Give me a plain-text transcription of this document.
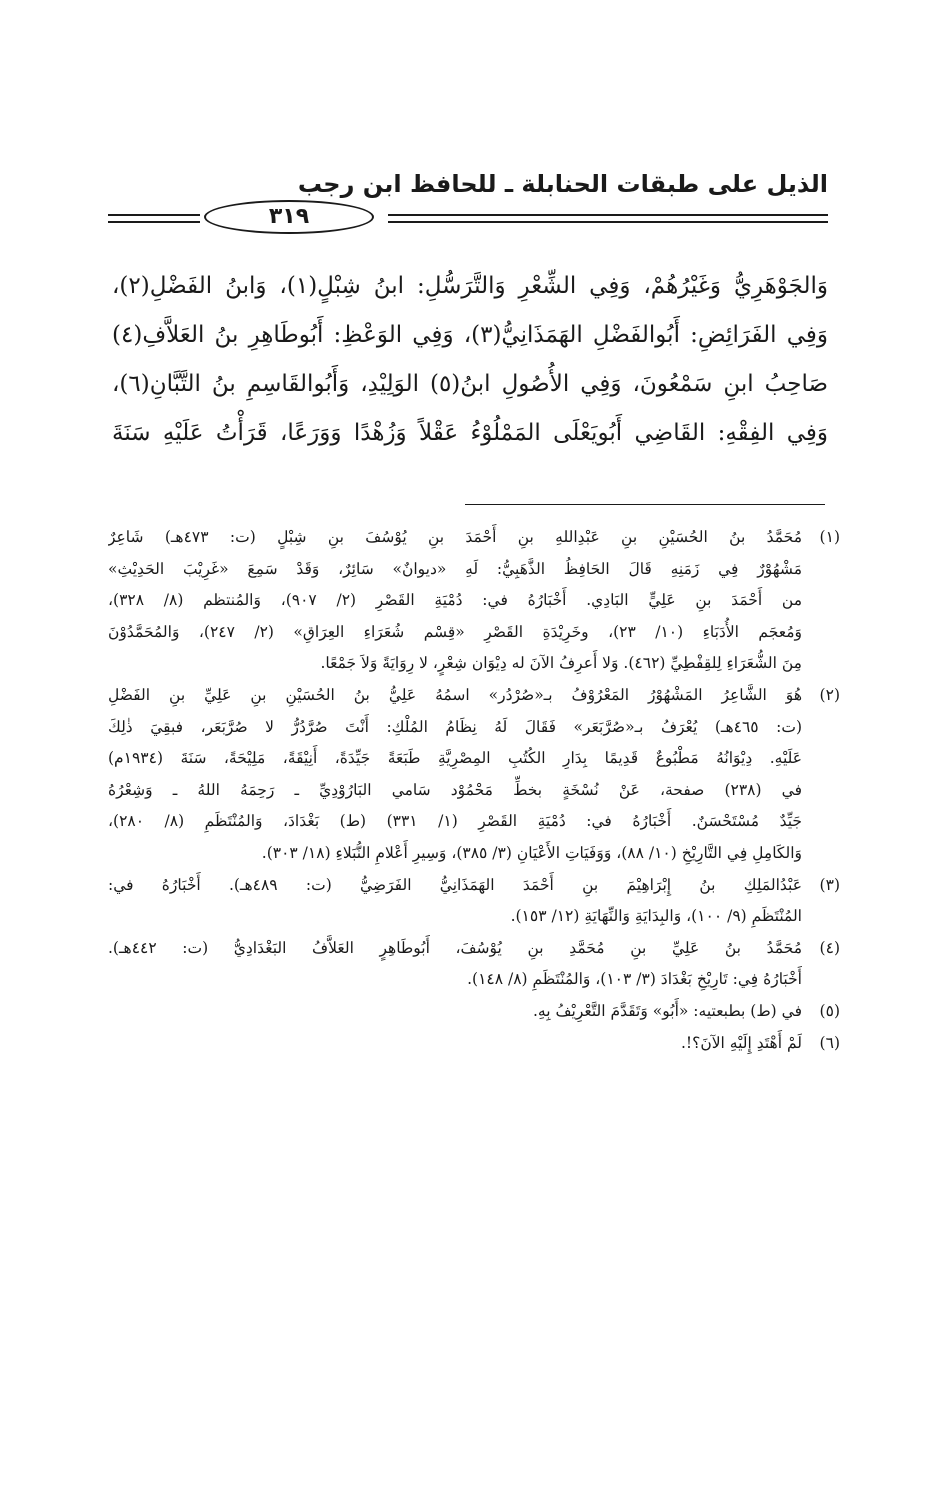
الذيل على طبقات الحنابلة ـ للحافظ ابن رجب
٣١٩
وَالجَوْهَرِيُّ وَغَيْرُهُمْ، وَفِي الشِّعْرِ وَالتَّرَسُّلِ: ابنُ شِبْلٍ(١)، وَابنُ الفَضْلِ(٢)،
وَفِي الفَرَائِضِ: أَبُوالفَضْلِ الهَمَذَانِيُّ(٣)، وَفِي الوَعْظِ: أَبُوطَاهِرِ بنُ العَلاَّفِ(٤)
صَاحِبُ ابنِ سَمْعُونَ، وَفِي الأُصُولِ ابنُ(٥) الوَلِيْدِ، وَأَبُوالقَاسِمِ بنُ التَّبَّانِ(٦)،
وَفِي الفِقْهِ: القَاضِي أَبُويَعْلَى المَمْلُوْءُ عَقْلاً وَزُهْدًا وَوَرَعًا، قَرَأْتُ عَلَيْهِ سَنَةَ
(١)
مُحَمَّدُ بنُ الحُسَيْنِ بنِ عَبْدِاللهِ بنِ أَحْمَدَ بنِ يُوْسُفَ بنِ شِبْلٍ (ت: ٤٧٣هـ) شَاعِرٌ
مَشْهُوْرٌ فِي زَمَنِهِ قَالَ الحَافِظُ الذَّهَبِيُّ: لَهِ «ديوانٌ» سَائِرٌ، وَقَدْ سَمِعَ «غَرِيْبَ الحَدِيْثِ»
من أَحْمَدَ بنِ عَلِيٍّ البَادِي. أَخْبَارُهُ في: دُمْيَةِ القَصْرِ (٢/ ٩٠٧)، وَالمُنتظم (٨/ ٣٢٨)،
وَمُعجَم الأُدَبَاءِ (١٠/ ٢٣)، وخَرِيْدَةِ القَصْرِ «قِسْم شُعَرَاءِ العِرَاقِ» (٢/ ٢٤٧)، وَالمُحَمَّدُوْنَ
مِنَ الشُّعَرَاءِ لِلقِفْطِيِّ (٤٦٢). وَلا أَعرِفُ الآنَ له دِيْوَان شِعْرٍ، لا رِوَايَةً وَلاَ جَمْعًا.
(٢)
هُوَ الشَّاعِرُ المَشْهُوْرُ المَعْرُوْفُ بـ«صُرْدُر» اسمُهُ عَلِيُّ بنُ الحُسَيْنِ بنِ عَلِيِّ بنِ الفَضْلِ
(ت: ٤٦٥هـ) يُعْرَفُ بـ«صُرَّبَعَر» فَقَالَ لَهُ نِظَامُ المُلْكِ: أَنْتَ صُرَّدُرُّ لا صُرَّبَعَر، فبقِيَ ذٰلِكَ
عَلَيْهِ. دِيْوَانُهُ مَطْبُوعٌ قَدِيمًا بِدَارِ الكُتُبِ المِصْرِيَّةِ طَبَعَةً جَيِّدَةً، أَنِيْقَةً، مَلِيْحَةً، سَنَةَ (١٩٣٤م)
في (٢٣٨) صفحة، عَنْ نُسْخَةٍ بخطِّ مَحْمُوْد سَامي البَارُوْدِيِّ ـ رَحِمَهُ اللهُ ـ وَشِعْرُهُ
جَيِّدٌ مُسْتَحْسَنٌ. أَخْبَارُهُ في: دُمْيَةِ القَصْرِ (١/ ٣٣١) (ط) بَغْدَادَ، وَالمُنْتَظَمِ (٨/ ٢٨٠)،
وَالكَامِلِ فِي التَّارِيْخِ (١٠/ ٨٨)، وَوَفَيَاتِ الأَعْيَانِ (٣/ ٣٨٥)، وَسِيرِ أَعْلامِ النُّبَلاءِ (١٨/ ٣٠٣).
(٣)
عَبْدُالمَلِكِ بنُ إِبْرَاهِيْمَ بنِ أَحْمَدَ الهَمَذَانِيُّ الفَرَضِيُّ (ت: ٤٨٩هـ). أَخْبَارُهُ في:
المُنْتَظَمِ (٩/ ١٠٠)، وَالبِدَايَةِ وَالنِّهَايَةِ (١٢/ ١٥٣).
(٤)
مُحَمَّدُ بنُ عَلِيِّ بنِ مُحَمَّدِ بنِ يُوْسُفَ، أَبُوطَاهِرٍ العَلاَّفُ البَغْدَادِيُّ (ت: ٤٤٢هـ).
أَخْبَارُهُ فِي: تَارِيْخِ بَغْدَادَ (٣/ ١٠٣)، وَالمُنْتَظَمِ (٨/ ١٤٨).
(٥)
في (ط) بطبعتيه: «أَبُو» وَتَقَدَّمَ التَّعْرِيْفُ بِهِ.
(٦)
لَمْ أَهْتَدِ إِلَيْهِ الآنَ؟!.
